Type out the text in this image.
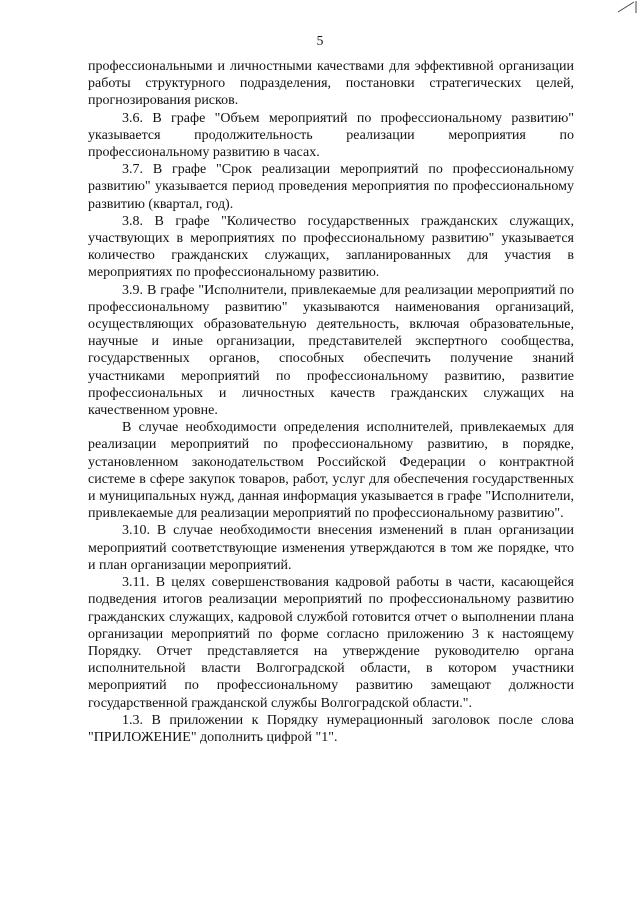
5

профессиональными и личностными качествами для эффективной организации работы структурного подразделения, постановки стратегических целей, прогнозирования рисков.

3.6. В графе "Объем мероприятий по профессиональному развитию" указывается продолжительность реализации мероприятия по профессиональному развитию в часах.

3.7. В графе "Срок реализации мероприятий по профессиональному развитию" указывается период проведения мероприятия по профессиональному развитию (квартал, год).

3.8. В графе "Количество государственных гражданских служащих, участвующих в мероприятиях по профессиональному развитию" указывается количество гражданских служащих, запланированных для участия в мероприятиях по профессиональному развитию.

3.9. В графе "Исполнители, привлекаемые для реализации мероприятий по профессиональному развитию" указываются наименования организаций, осуществляющих образовательную деятельность, включая образовательные, научные и иные организации, представителей экспертного сообщества, государственных органов, способных обеспечить получение знаний участниками мероприятий по профессиональному развитию, развитие профессиональных и личностных качеств гражданских служащих на качественном уровне.

В случае необходимости определения исполнителей, привлекаемых для реализации мероприятий по профессиональному развитию, в порядке, установленном законодательством Российской Федерации о контрактной системе в сфере закупок товаров, работ, услуг для обеспечения государственных и муниципальных нужд, данная информация указывается в графе "Исполнители, привлекаемые для реализации мероприятий по профессиональному развитию".

3.10. В случае необходимости внесения изменений в план организации мероприятий соответствующие изменения утверждаются в том же порядке, что и план организации мероприятий.

3.11. В целях совершенствования кадровой работы в части, касающейся подведения итогов реализации мероприятий по профессиональному развитию гражданских служащих, кадровой службой готовится отчет о выполнении плана организации мероприятий по форме согласно приложению 3 к настоящему Порядку. Отчет представляется на утверждение руководителю органа исполнительной власти Волгоградской области, в котором участники мероприятий по профессиональному развитию замещают должности государственной гражданской службы Волгоградской области.".

1.3. В приложении к Порядку нумерационный заголовок после слова "ПРИЛОЖЕНИЕ" дополнить цифрой "1".
